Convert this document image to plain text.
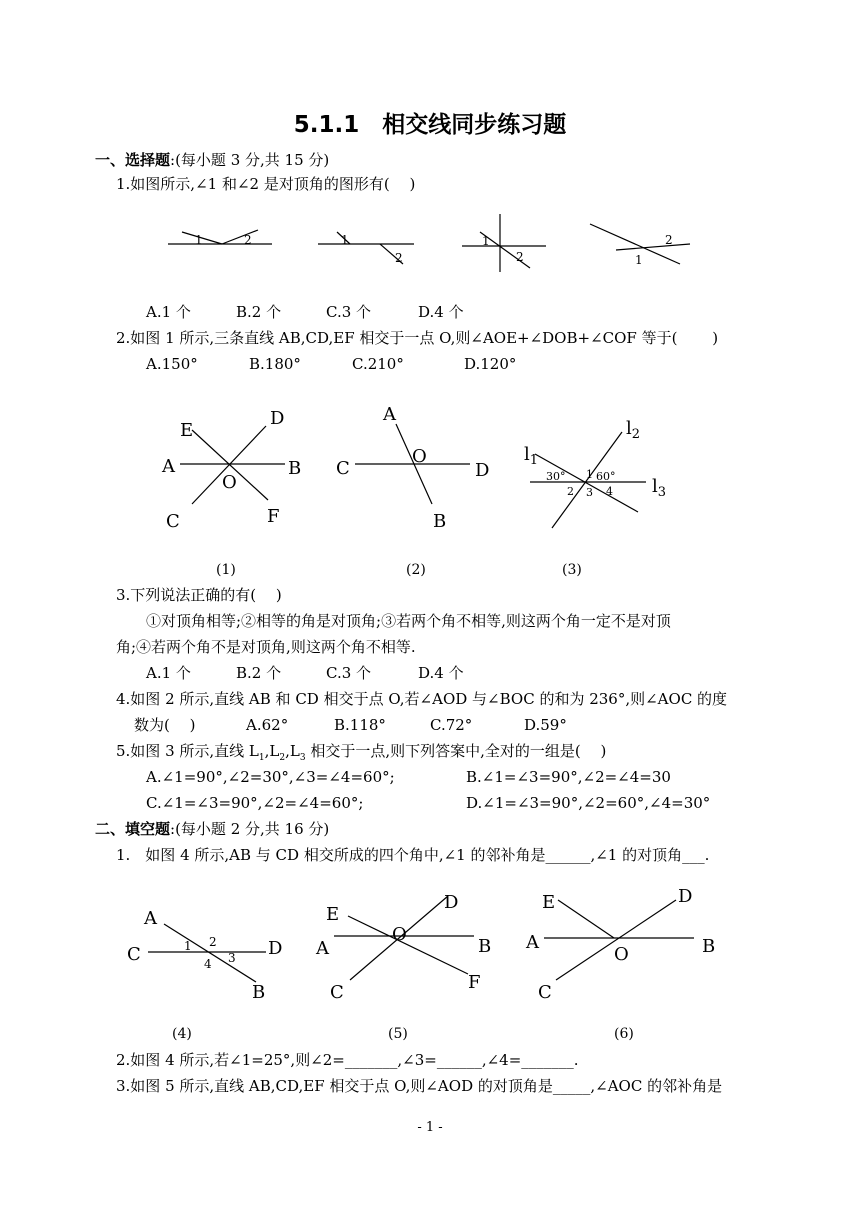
5.1.1　相交线同步练习题
一、选择题:(每小题 3 分,共 15 分)
1.如图所示,∠1 和∠2 是对顶角的图形有(　 )
1	2	1
2
1
2
2
1
A.1 个	B.2 个	C.3 个	D.4 个
2.如图 1 所示,三条直线 AB,CD,EF 相交于一点 O,则∠AOE+∠DOB+∠COF 等于(　　 )
A.150°	B.180°	C.210°	D.120°
A	B
C
D
E
F
O
C	D
A
B
O	$l_1$
$l_2$
$l_3$
30°	60°
1
2 3 4
(1)	(2)	(3)
3.下列说法正确的有(　 )
①对顶角相等;②相等的角是对顶角;③若两个角不相等,则这两个角一定不是对顶
角;④若两个角不是对顶角,则这两个角不相等.
A.1 个	B.2 个	C.3 个	D.4 个
4.如图 2 所示,直线 AB 和 CD 相交于点 O,若∠AOD 与∠BOC 的和为 236°,则∠AOC 的度
数为(　 )	A.62°	B.118°	C.72°	D.59°
5.如图 3 所示,直线 $L_1,L_2,L_3$ 相交于一点,则下列答案中,全对的一组是(　 )
A.∠1=90°,∠2=30°,∠3=∠4=60°;	B.∠1=∠3=90°,∠2=∠4=30
C.∠1=∠3=90°,∠2=∠4=60°;	D.∠1=∠3=90°,∠2=60°,∠4=30°
二、填空题:(每小题 2 分,共 16 分)
1.　如图 4 所示,AB 与 CD 相交所成的四个角中,∠1 的邻补角是______,∠1 的对顶角___.
A
C	D
B
E
A
C
D
B
F
O
E
A
C
D
B
O
1 2
3
4
(4)	(5)	(6)
2.如图 4 所示,若∠1=25°,则∠2=_______,∠3=______,∠4=_______.
3.如图 5 所示,直线 AB,CD,EF 相交于点 O,则∠AOD 的对顶角是_____,∠AOC 的邻补角是
- 1 -
